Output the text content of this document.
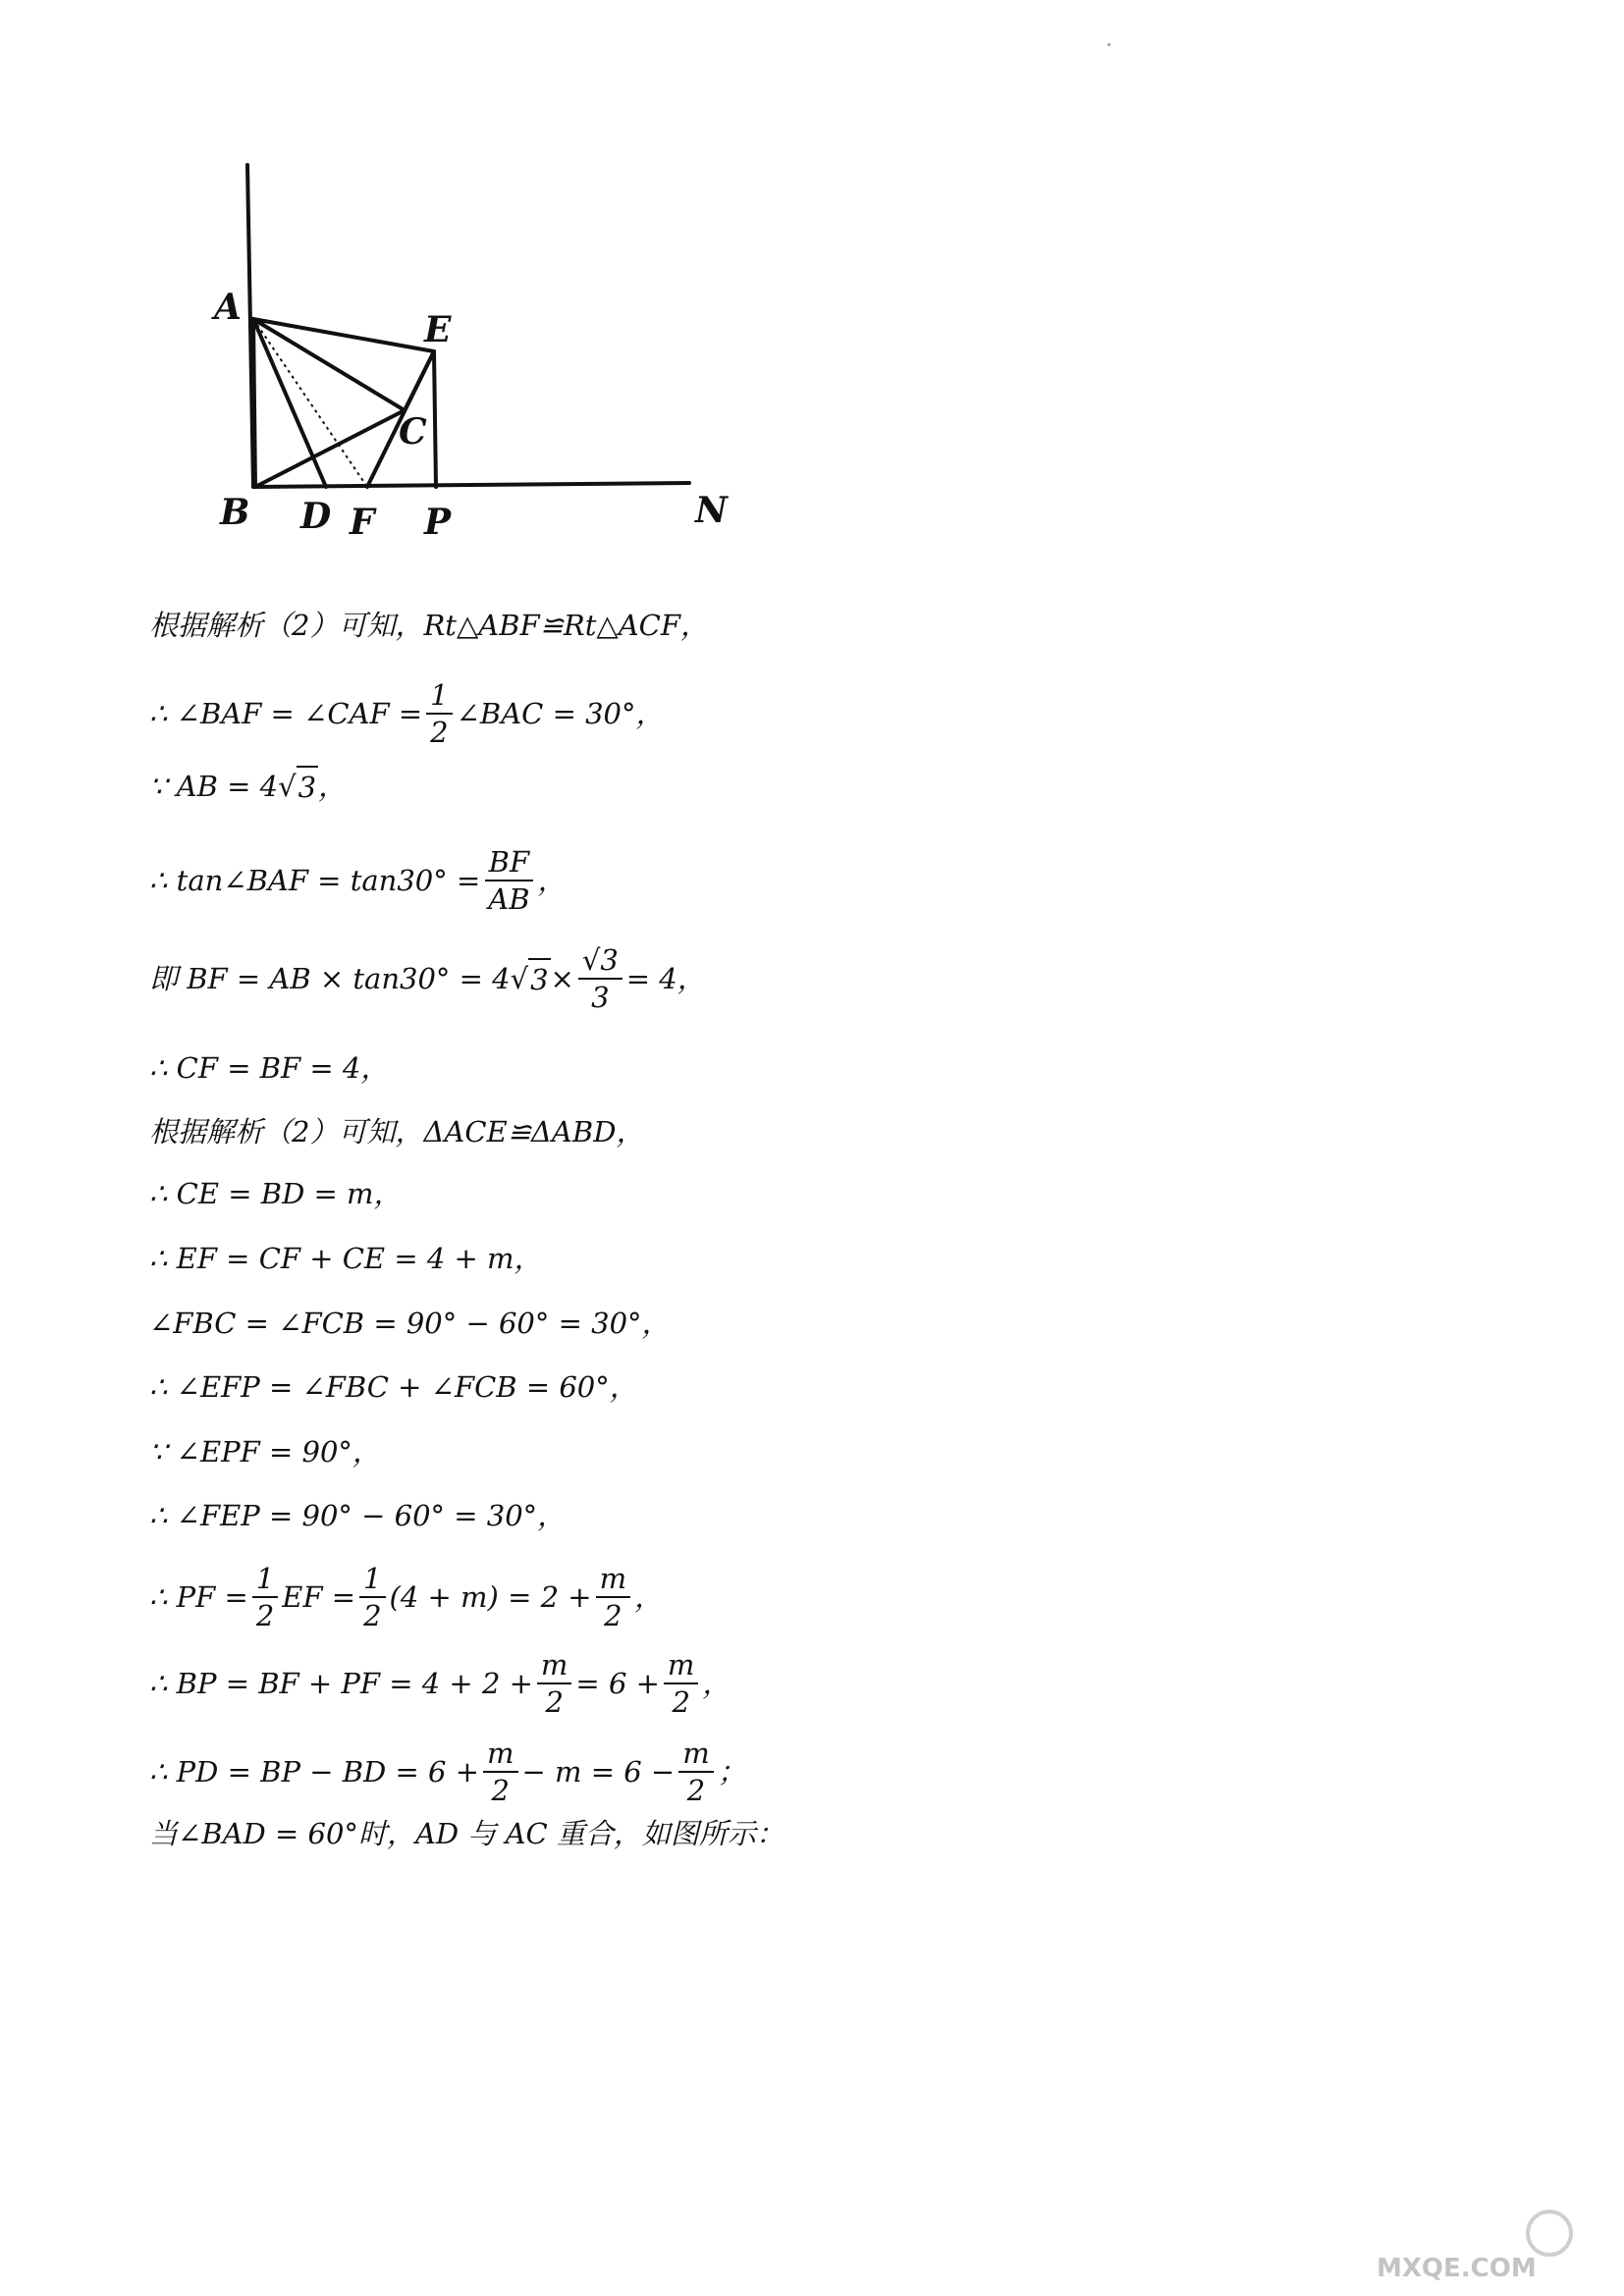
A
B
C
D
E
F P	N
根据解析（2）可知，Rt△ABF≌Rt△ACF，
∴ ∠BAF = ∠CAF = $\frac{1}{2}$ ∠BAC = 30°，
∵ AB = 4 √ 3 ，
∴ tan∠BAF = $\tan 30^\circ = \frac{BF}{AB}$ ，
即 BF = AB × tan30° = 4 √ $3 \times \frac{√3}{3} = 4$，
∴ CF = BF = 4，
根据解析（2）可知，ΔACE≌ΔABD，
∴ CE = BD = m，
∴ EF = CF + CE = 4 + m，
∠FBC = ∠FCB = 90° − 60° = 30°，
∴ ∠EFP = ∠FBC + ∠FCB = 60°，
∵ ∠EPF = 90°，
∴ ∠FEP = 90° − 60° = 30°，
∴ PF = $\frac{1}{2}$ EF = $\frac{1}{2} (4 + m) = 2 + \frac{m}{2}$ ，
∴ BP = BF + PF = $4 + 2 + \frac{m}{2} = 6 + \frac{m}{2}$ ，
∴ PD = BP − BD = $6 + \frac{m}{2} - m = 6 - \frac{m}{2}$ ；
当∠BAD = 60°时，AD 与 AC 重合，如图所示：
MXQE.COM
